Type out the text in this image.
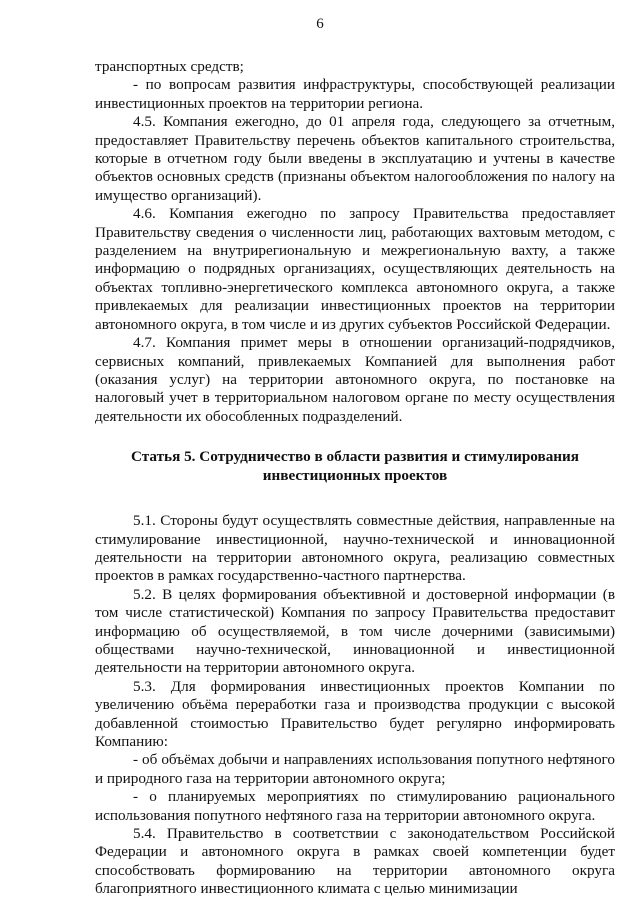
6

транспортных средств;

- по вопросам развития инфраструктуры, способствующей реализации инвестиционных проектов на территории региона.

4.5. Компания ежегодно, до 01 апреля года, следующего за отчетным, предоставляет Правительству перечень объектов капитального строительства, которые в отчетном году были введены в эксплуатацию и учтены в качестве объектов основных средств (признаны объектом налогообложения по налогу на имущество организаций).

4.6. Компания ежегодно по запросу Правительства предоставляет Правительству сведения о численности лиц, работающих вахтовым методом, с разделением на внутрирегиональную и межрегиональную вахту, а также информацию о подрядных организациях, осуществляющих деятельность на объектах топливно-энергетического комплекса автономного округа, а также привлекаемых для реализации инвестиционных проектов на территории автономного округа, в том числе и из других субъектов Российской Федерации.

4.7. Компания примет меры в отношении организаций-подрядчиков, сервисных компаний, привлекаемых Компанией для выполнения работ (оказания услуг) на территории автономного округа, по постановке на налоговый учет в территориальном налоговом органе по месту осуществления деятельности их обособленных подразделений.

Статья 5. Сотрудничество в области развития и стимулирования
инвестиционных проектов

5.1. Стороны будут осуществлять совместные действия, направленные на стимулирование инвестиционной, научно-технической и инновационной деятельности на территории автономного округа, реализацию совместных проектов в рамках государственно-частного партнерства.

5.2. В целях формирования объективной и достоверной информации (в том числе статистической) Компания по запросу Правительства предоставит информацию об осуществляемой, в том числе дочерними (зависимыми) обществами научно-технической, инновационной и инвестиционной деятельности на территории автономного округа.

5.3. Для формирования инвестиционных проектов Компании по увеличению объёма переработки газа и производства продукции с высокой добавленной стоимостью Правительство будет регулярно информировать Компанию:

- об объёмах добычи и направлениях использования попутного нефтяного и природного газа на территории автономного округа;

- о планируемых мероприятиях по стимулированию рационального использования попутного нефтяного газа на территории автономного округа.

5.4. Правительство в соответствии с законодательством Российской Федерации и автономного округа в рамках своей компетенции будет способствовать формированию на территории автономного округа благоприятного инвестиционного климата с целью минимизации
